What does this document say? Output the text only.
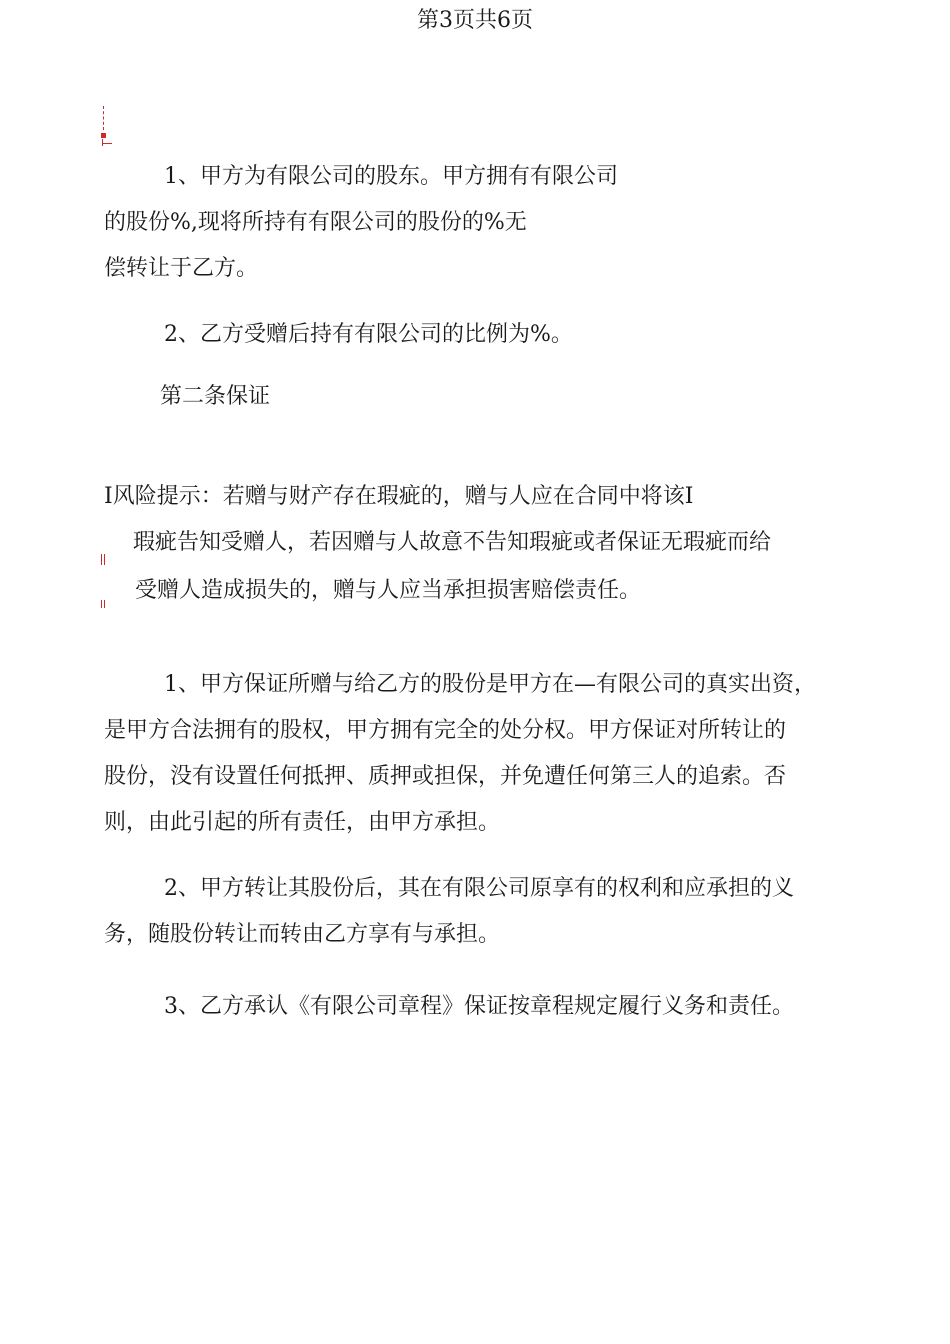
第3页共6页
1、甲方为有限公司的股东。甲方拥有有限公司
的股份%,现将所持有有限公司的股份的%无
偿转让于乙方。
2、乙方受赠后持有有限公司的比例为%。
第二条保证
I风险提示：若赠与财产存在瑕疵的，赠与人应在合同中将该I
瑕疵告知受赠人，若因赠与人故意不告知瑕疵或者保证无瑕疵而给
受赠人造成损失的，赠与人应当承担损害赔偿责任。
1、甲方保证所赠与给乙方的股份是甲方在—有限公司的真实出资，
是甲方合法拥有的股权，甲方拥有完全的处分权。甲方保证对所转让的
股份，没有设置任何抵押、质押或担保，并免遭任何第三人的追索。否
则，由此引起的所有责任，由甲方承担。
2、甲方转让其股份后，其在有限公司原享有的权利和应承担的义
务，随股份转让而转由乙方享有与承担。
3、乙方承认《有限公司章程》保证按章程规定履行义务和责任。
